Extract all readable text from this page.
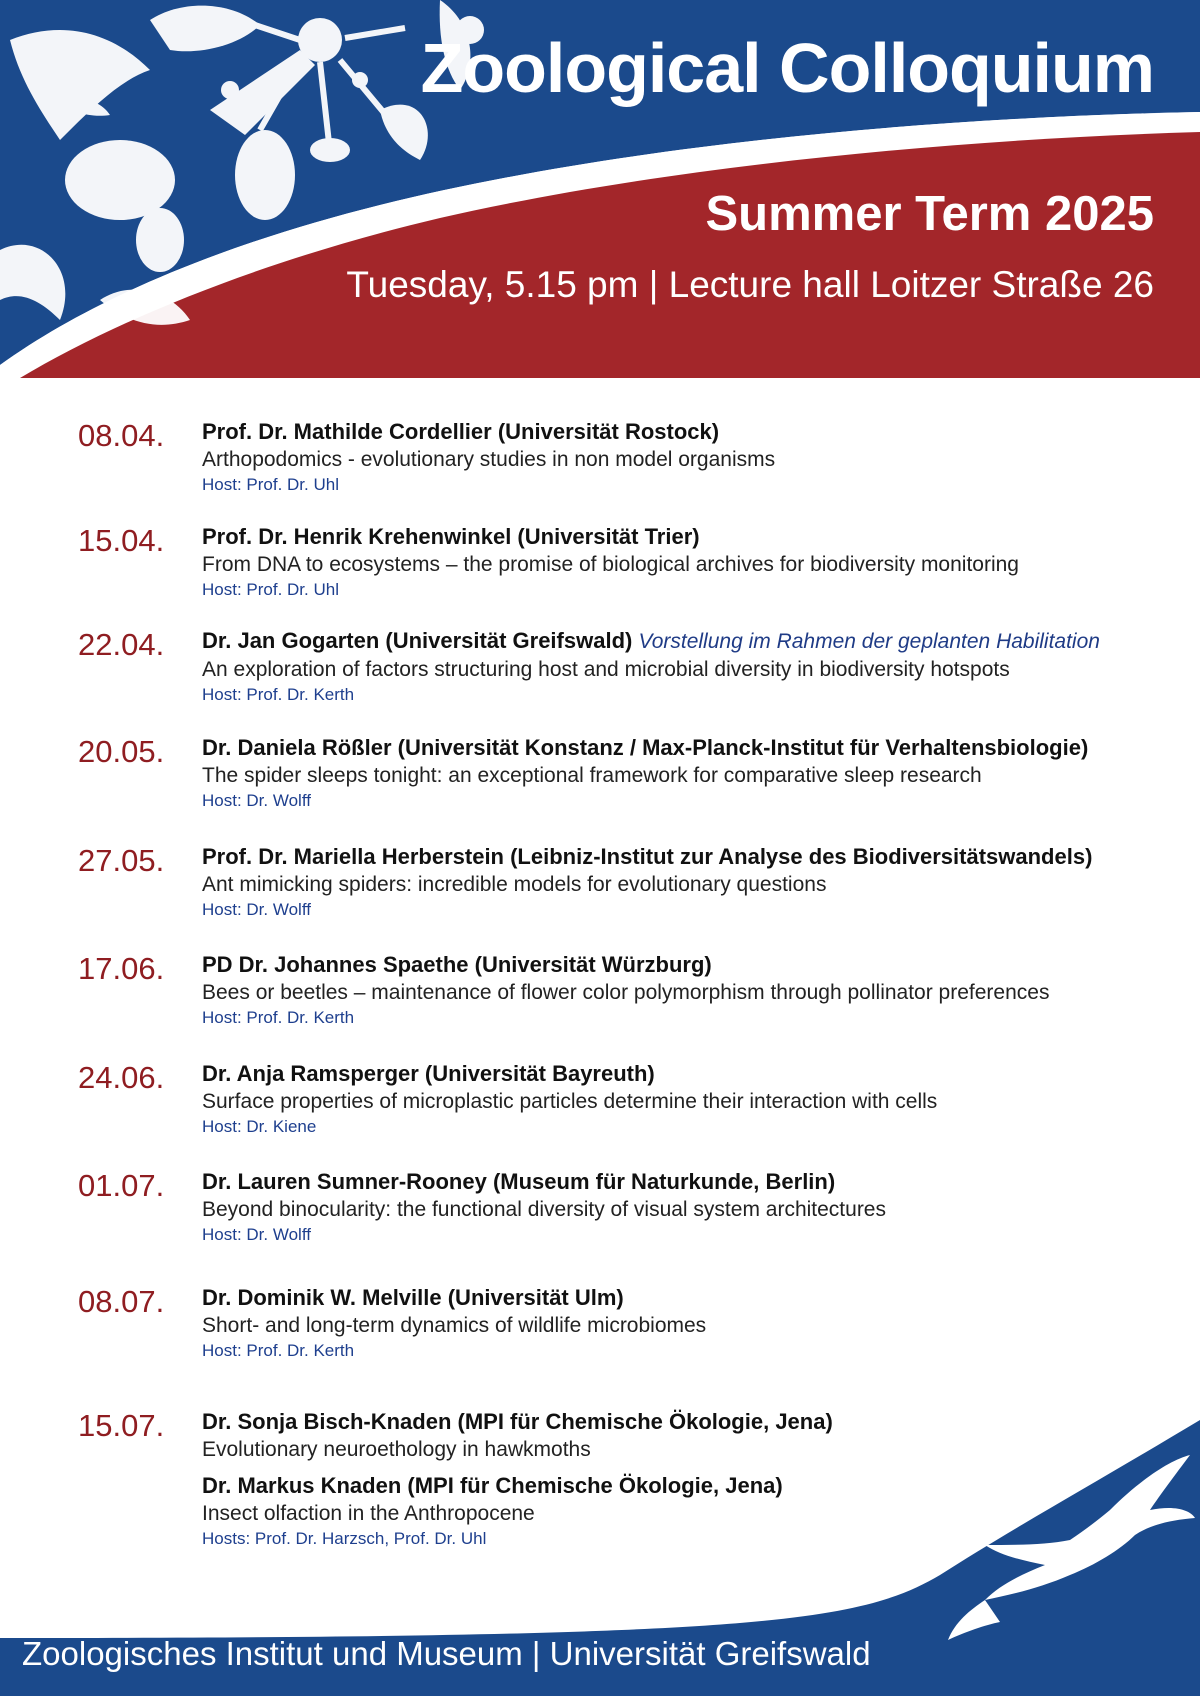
Zoological Colloquium
Summer Term 2025
Tuesday, 5.15 pm | Lecture hall Loitzer Straße 26
08.04. Prof. Dr. Mathilde Cordellier (Universität Rostock)
Arthopodomics - evolutionary studies in non model organisms
Host: Prof. Dr. Uhl
15.04. Prof. Dr. Henrik Krehenwinkel (Universität Trier)
From DNA to ecosystems – the promise of biological archives for biodiversity monitoring
Host: Prof. Dr. Uhl
22.04. Dr. Jan Gogarten (Universität Greifswald) Vorstellung im Rahmen der geplanten Habilitation
An exploration of factors structuring host and microbial diversity in biodiversity hotspots
Host: Prof. Dr. Kerth
20.05. Dr. Daniela Rößler (Universität Konstanz / Max-Planck-Institut für Verhaltensbiologie)
The spider sleeps tonight: an exceptional framework for comparative sleep research
Host: Dr. Wolff
27.05. Prof. Dr. Mariella Herberstein (Leibniz-Institut zur Analyse des Biodiversitätswandels)
Ant mimicking spiders: incredible models for evolutionary questions
Host: Dr. Wolff
17.06. PD Dr. Johannes Spaethe (Universität Würzburg)
Bees or beetles – maintenance of flower color polymorphism through pollinator preferences
Host: Prof. Dr. Kerth
24.06. Dr. Anja Ramsperger (Universität Bayreuth)
Surface properties of microplastic particles determine their interaction with cells
Host: Dr. Kiene
01.07. Dr. Lauren Sumner-Rooney (Museum für Naturkunde, Berlin)
Beyond binocularity: the functional diversity of visual system architectures
Host: Dr. Wolff
08.07. Dr. Dominik W. Melville (Universität Ulm)
Short- and long-term dynamics of wildlife microbiomes
Host: Prof. Dr. Kerth
15.07. Dr. Sonja Bisch-Knaden (MPI für Chemische Ökologie, Jena)
Evolutionary neuroethology in hawkmoths
Dr. Markus Knaden (MPI für Chemische Ökologie, Jena)
Insect olfaction in the Anthropocene
Hosts: Prof. Dr. Harzsch, Prof. Dr. Uhl
Zoologisches Institut und Museum | Universität Greifswald
